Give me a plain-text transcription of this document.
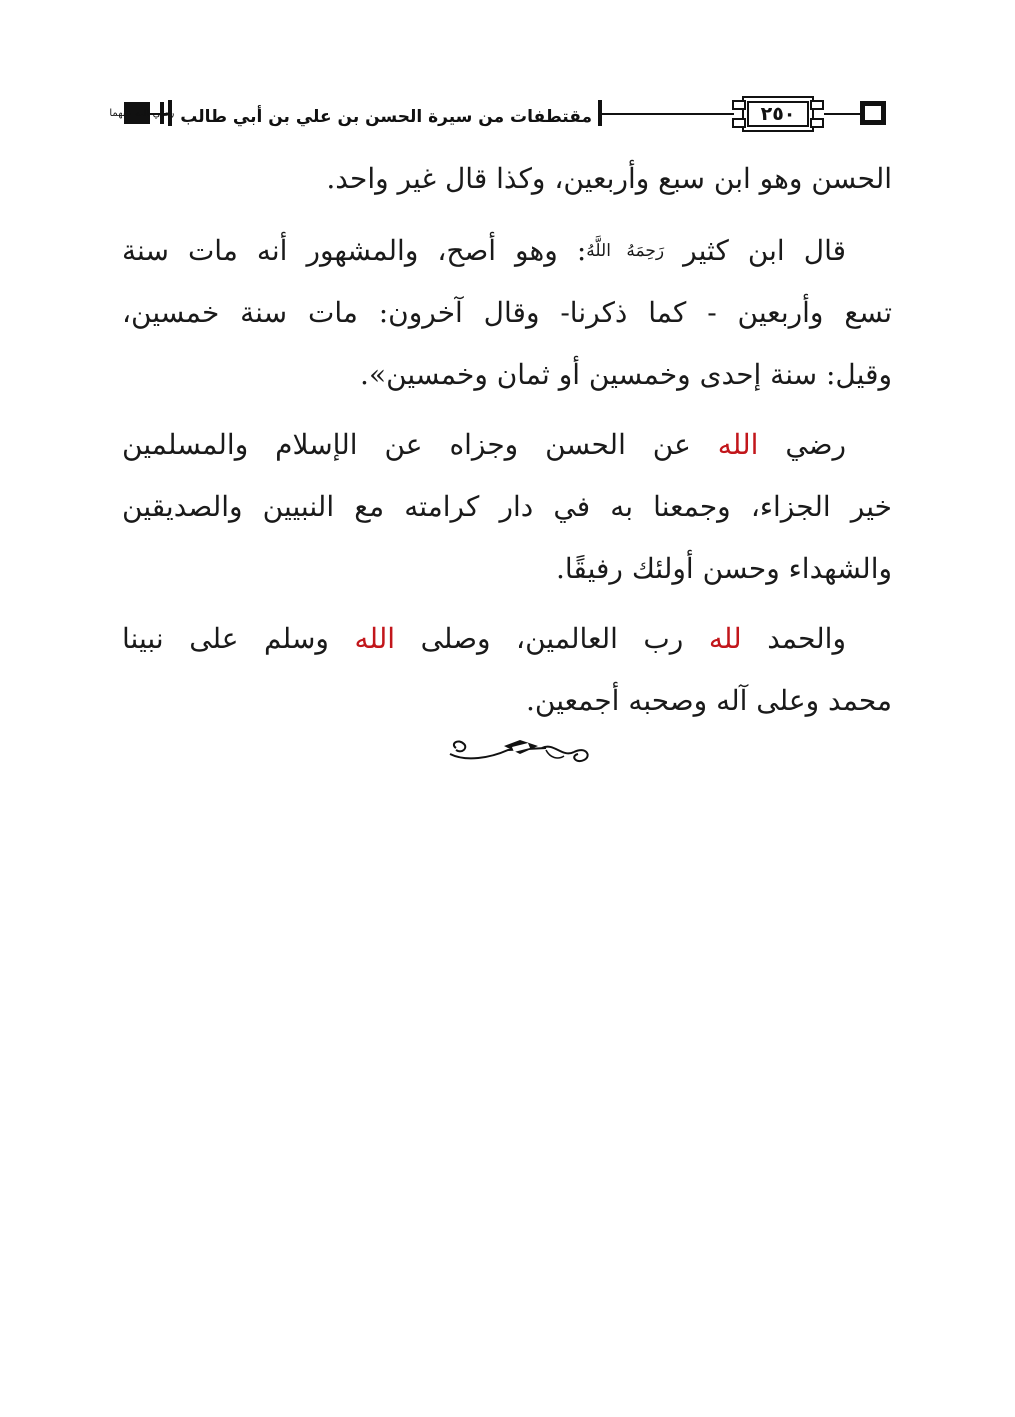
مقتطفات من سيرة الحسن بن علي بن أبي طالب $^{رضي الله عنهما}$	٢٥٠
الحسن وهو ابن سبع وأربعين، وكذا قال غير واحد.
قال ابن كثير رَحِمَهُ اللَّهُ: وهو أصح، والمشهور أنه مات سنة
تسع وأربعين - كما ذكرنا- وقال آخرون: مات سنة خمسين،
وقيل: سنة إحدى وخمسين أو ثمان وخمسين».
رضي الله عن الحسن وجزاه عن الإسلام والمسلمين
خير الجزاء، وجمعنا به في دار كرامته مع النبيين والصديقين
والشهداء وحسن أولئك رفيقًا.
والحمد لله رب العالمين، وصلى الله وسلم على نبينا
محمد وعلى آله وصحبه أجمعين.
